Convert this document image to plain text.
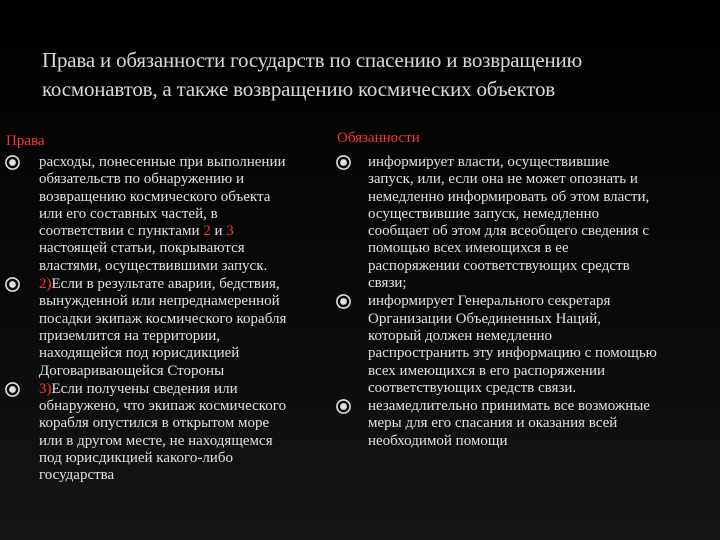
Права и обязанности государств по спасению и возвращению
космонавтов, а также возвращению космических объектов
Права	Обязанности
расходы, понесенные при выполнении
обязательств по обнаружению и
возвращению космического объекта
или его составных частей, в
соответствии с пунктами 2 и 3
настоящей статьи, покрываются
властями, осуществившими запуск.
2)Если в результате аварии, бедствия,
вынужденной или непреднамеренной
посадки экипаж космического корабля
приземлится на территории,
находящейся под юрисдикцией
Договаривающейся Стороны
3)Если получены сведения или
обнаружено, что экипаж космического
корабля опустился в открытом море
или в другом месте, не находящемся
под юрисдикцией какого-либо
государства
информирует власти, осуществившие
запуск, или, если она не может опознать и
немедленно информировать об этом власти,
осуществившие запуск, немедленно
сообщает об этом для всеобщего сведения с
помощью всех имеющихся в ее
распоряжении соответствующих средств
связи;
информирует Генерального секретаря
Организации Объединенных Наций,
который должен немедленно
распространить эту информацию с помощью
всех имеющихся в его распоряжении
соответствующих средств связи.
незамедлительно принимать все возможные
меры для его спасания и оказания всей
необходимой помощи
